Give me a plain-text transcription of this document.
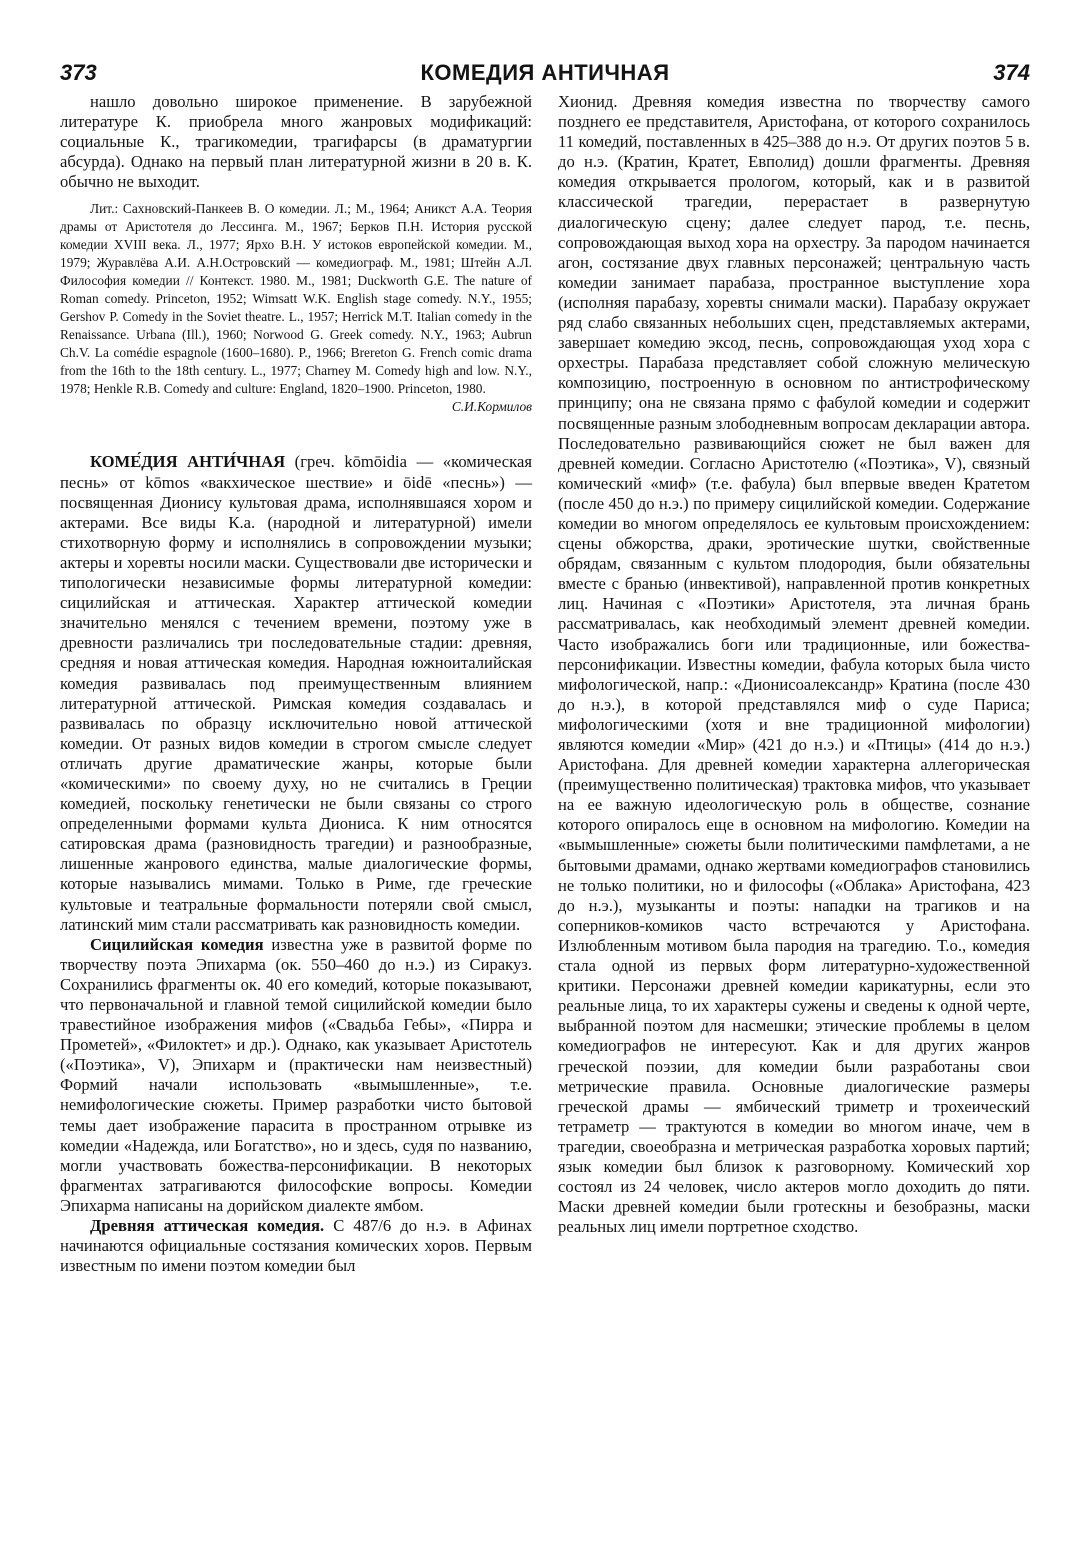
373	КОМЕДИЯ АНТИЧНАЯ	374

нашло довольно широкое применение. В зарубежной литературе К. приобрела много жанровых модификаций: социальные К., трагикомедии, трагифарсы (в драматургии абсурда). Однако на первый план литературной жизни в 20 в. К. обычно не выходит.

Лит.: Сахновский-Панкеев В. О комедии. Л.; М., 1964; Аникст А.А. Теория драмы от Аристотеля до Лессинга. М., 1967; Берков П.Н. История русской комедии XVIII века. Л., 1977; Ярхо В.Н. У истоков европейской комедии. М., 1979; Журавлёва А.И. А.Н.Островский — комедиограф. М., 1981; Штейн А.Л. Философия комедии // Контекст. 1980. М., 1981; Duckworth G.E. The nature of Roman comedy. Princeton, 1952; Wimsatt W.K. English stage comedy. N.Y., 1955; Gershov P. Comedy in the Soviet theatre. L., 1957; Herrick M.T. Italian comedy in the Renaissance. Urbana (Ill.), 1960; Norwood G. Greek comedy. N.Y., 1963; Aubrun Ch.V. La comédie espagnole (1600–1680). P., 1966; Brereton G. French comic drama from the 16th to the 18th century. L., 1977; Charney M. Comedy high and low. N.Y., 1978; Henkle R.B. Comedy and culture: England, 1820–1900. Princeton, 1980.
С.И.Кормилов

КОМЕ́ДИЯ АНТИ́ЧНАЯ (греч. kōmōidia — «комическая песнь» от kōmos «вакхическое шествие» и ōidē «песнь») — посвященная Дионису культовая драма, исполнявшаяся хором и актерами. Все виды К.а. (народной и литературной) имели стихотворную форму и исполнялись в сопровождении музыки; актеры и хоревты носили маски. Существовали две исторически и типологически независимые формы литературной комедии: сицилийская и аттическая. Характер аттической комедии значительно менялся с течением времени, поэтому уже в древности различались три последовательные стадии: древняя, средняя и новая аттическая комедия. Народная южноиталийская комедия развивалась под преимущественным влиянием литературной аттической. Римская комедия создавалась и развивалась по образцу исключительно новой аттической комедии. От разных видов комедии в строгом смысле следует отличать другие драматические жанры, которые были «комическими» по своему духу, но не считались в Греции комедией, поскольку генетически не были связаны со строго определенными формами культа Диониса. К ним относятся сатировская драма (разновидность трагедии) и разнообразные, лишенные жанрового единства, малые диалогические формы, которые назывались мимами. Только в Риме, где греческие культовые и театральные формальности потеряли свой смысл, латинский мим стали рассматривать как разновидность комедии.

Сицилийская комедия известна уже в развитой форме по творчеству поэта Эпихарма (ок. 550–460 до н.э.) из Сиракуз. Сохранились фрагменты ок. 40 его комедий, которые показывают, что первоначальной и главной темой сицилийской комедии было травестийное изображения мифов («Свадьба Гебы», «Пирра и Прометей», «Филоктет» и др.). Однако, как указывает Аристотель («Поэтика», V), Эпихарм и (практически нам неизвестный) Формий начали использовать «вымышленные», т.е. немифологические сюжеты. Пример разработки чисто бытовой темы дает изображение парасита в пространном отрывке из комедии «Надежда, или Богатство», но и здесь, судя по названию, могли участвовать божества-персонификации. В некоторых фрагментах затрагиваются философские вопросы. Комедии Эпихарма написаны на дорийском диалекте ямбом.

Древняя аттическая комедия. С 487/6 до н.э. в Афинах начинаются официальные состязания комических хоров. Первым известным по имени поэтом комедии был

Хионид. Древняя комедия известна по творчеству самого позднего ее представителя, Аристофана, от которого сохранилось 11 комедий, поставленных в 425–388 до н.э. От других поэтов 5 в. до н.э. (Кратин, Кратет, Евполид) дошли фрагменты. Древняя комедия открывается прологом, который, как и в развитой классической трагедии, перерастает в развернутую диалогическую сцену; далее следует парод, т.е. песнь, сопровождающая выход хора на орхестру. За пародом начинается агон, состязание двух главных персонажей; центральную часть комедии занимает парабаза, пространное выступление хора (исполняя парабазу, хоревты снимали маски). Парабазу окружает ряд слабо связанных небольших сцен, представляемых актерами, завершает комедию эксод, песнь, сопровождающая уход хора с орхестры. Парабаза представляет собой сложную мелическую композицию, построенную в основном по антистрофическому принципу; она не связана прямо с фабулой комедии и содержит посвященные разным злободневным вопросам декларации автора. Последовательно развивающийся сюжет не был важен для древней комедии. Согласно Аристотелю («Поэтика», V), связный комический «миф» (т.е. фабула) был впервые введен Кратетом (после 450 до н.э.) по примеру сицилийской комедии. Содержание комедии во многом определялось ее культовым происхождением: сцены обжорства, драки, эротические шутки, свойственные обрядам, связанным с культом плодородия, были обязательны вместе с бранью (инвективой), направленной против конкретных лиц. Начиная с «Поэтики» Аристотеля, эта личная брань рассматривалась, как необходимый элемент древней комедии. Часто изображались боги или традиционные, или божества-персонификации. Известны комедии, фабула которых была чисто мифологической, напр.: «Дионисоалександр» Кратина (после 430 до н.э.), в которой представлялся миф о суде Париса; мифологическими (хотя и вне традиционной мифологии) являются комедии «Мир» (421 до н.э.) и «Птицы» (414 до н.э.) Аристофана. Для древней комедии характерна аллегорическая (преимущественно политическая) трактовка мифов, что указывает на ее важную идеологическую роль в обществе, сознание которого опиралось еще в основном на мифологию. Комедии на «вымышленные» сюжеты были политическими памфлетами, а не бытовыми драмами, однако жертвами комедиографов становились не только политики, но и философы («Облака» Аристофана, 423 до н.э.), музыканты и поэты: нападки на трагиков и на соперников-комиков часто встречаются у Аристофана. Излюбленным мотивом была пародия на трагедию. Т.о., комедия стала одной из первых форм литературно-художественной критики. Персонажи древней комедии карикатурны, если это реальные лица, то их характеры сужены и сведены к одной черте, выбранной поэтом для насмешки; этические проблемы в целом комедиографов не интересуют. Как и для других жанров греческой поэзии, для комедии были разработаны свои метрические правила. Основные диалогические размеры греческой драмы — ямбический триметр и трохеический тетраметр — трактуются в комедии во многом иначе, чем в трагедии, своеобразна и метрическая разработка хоровых партий; язык комедии был близок к разговорному. Комический хор состоял из 24 человек, число актеров могло доходить до пяти. Маски древней комедии были гротескны и безобразны, маски реальных лиц имели портретное сходство.
